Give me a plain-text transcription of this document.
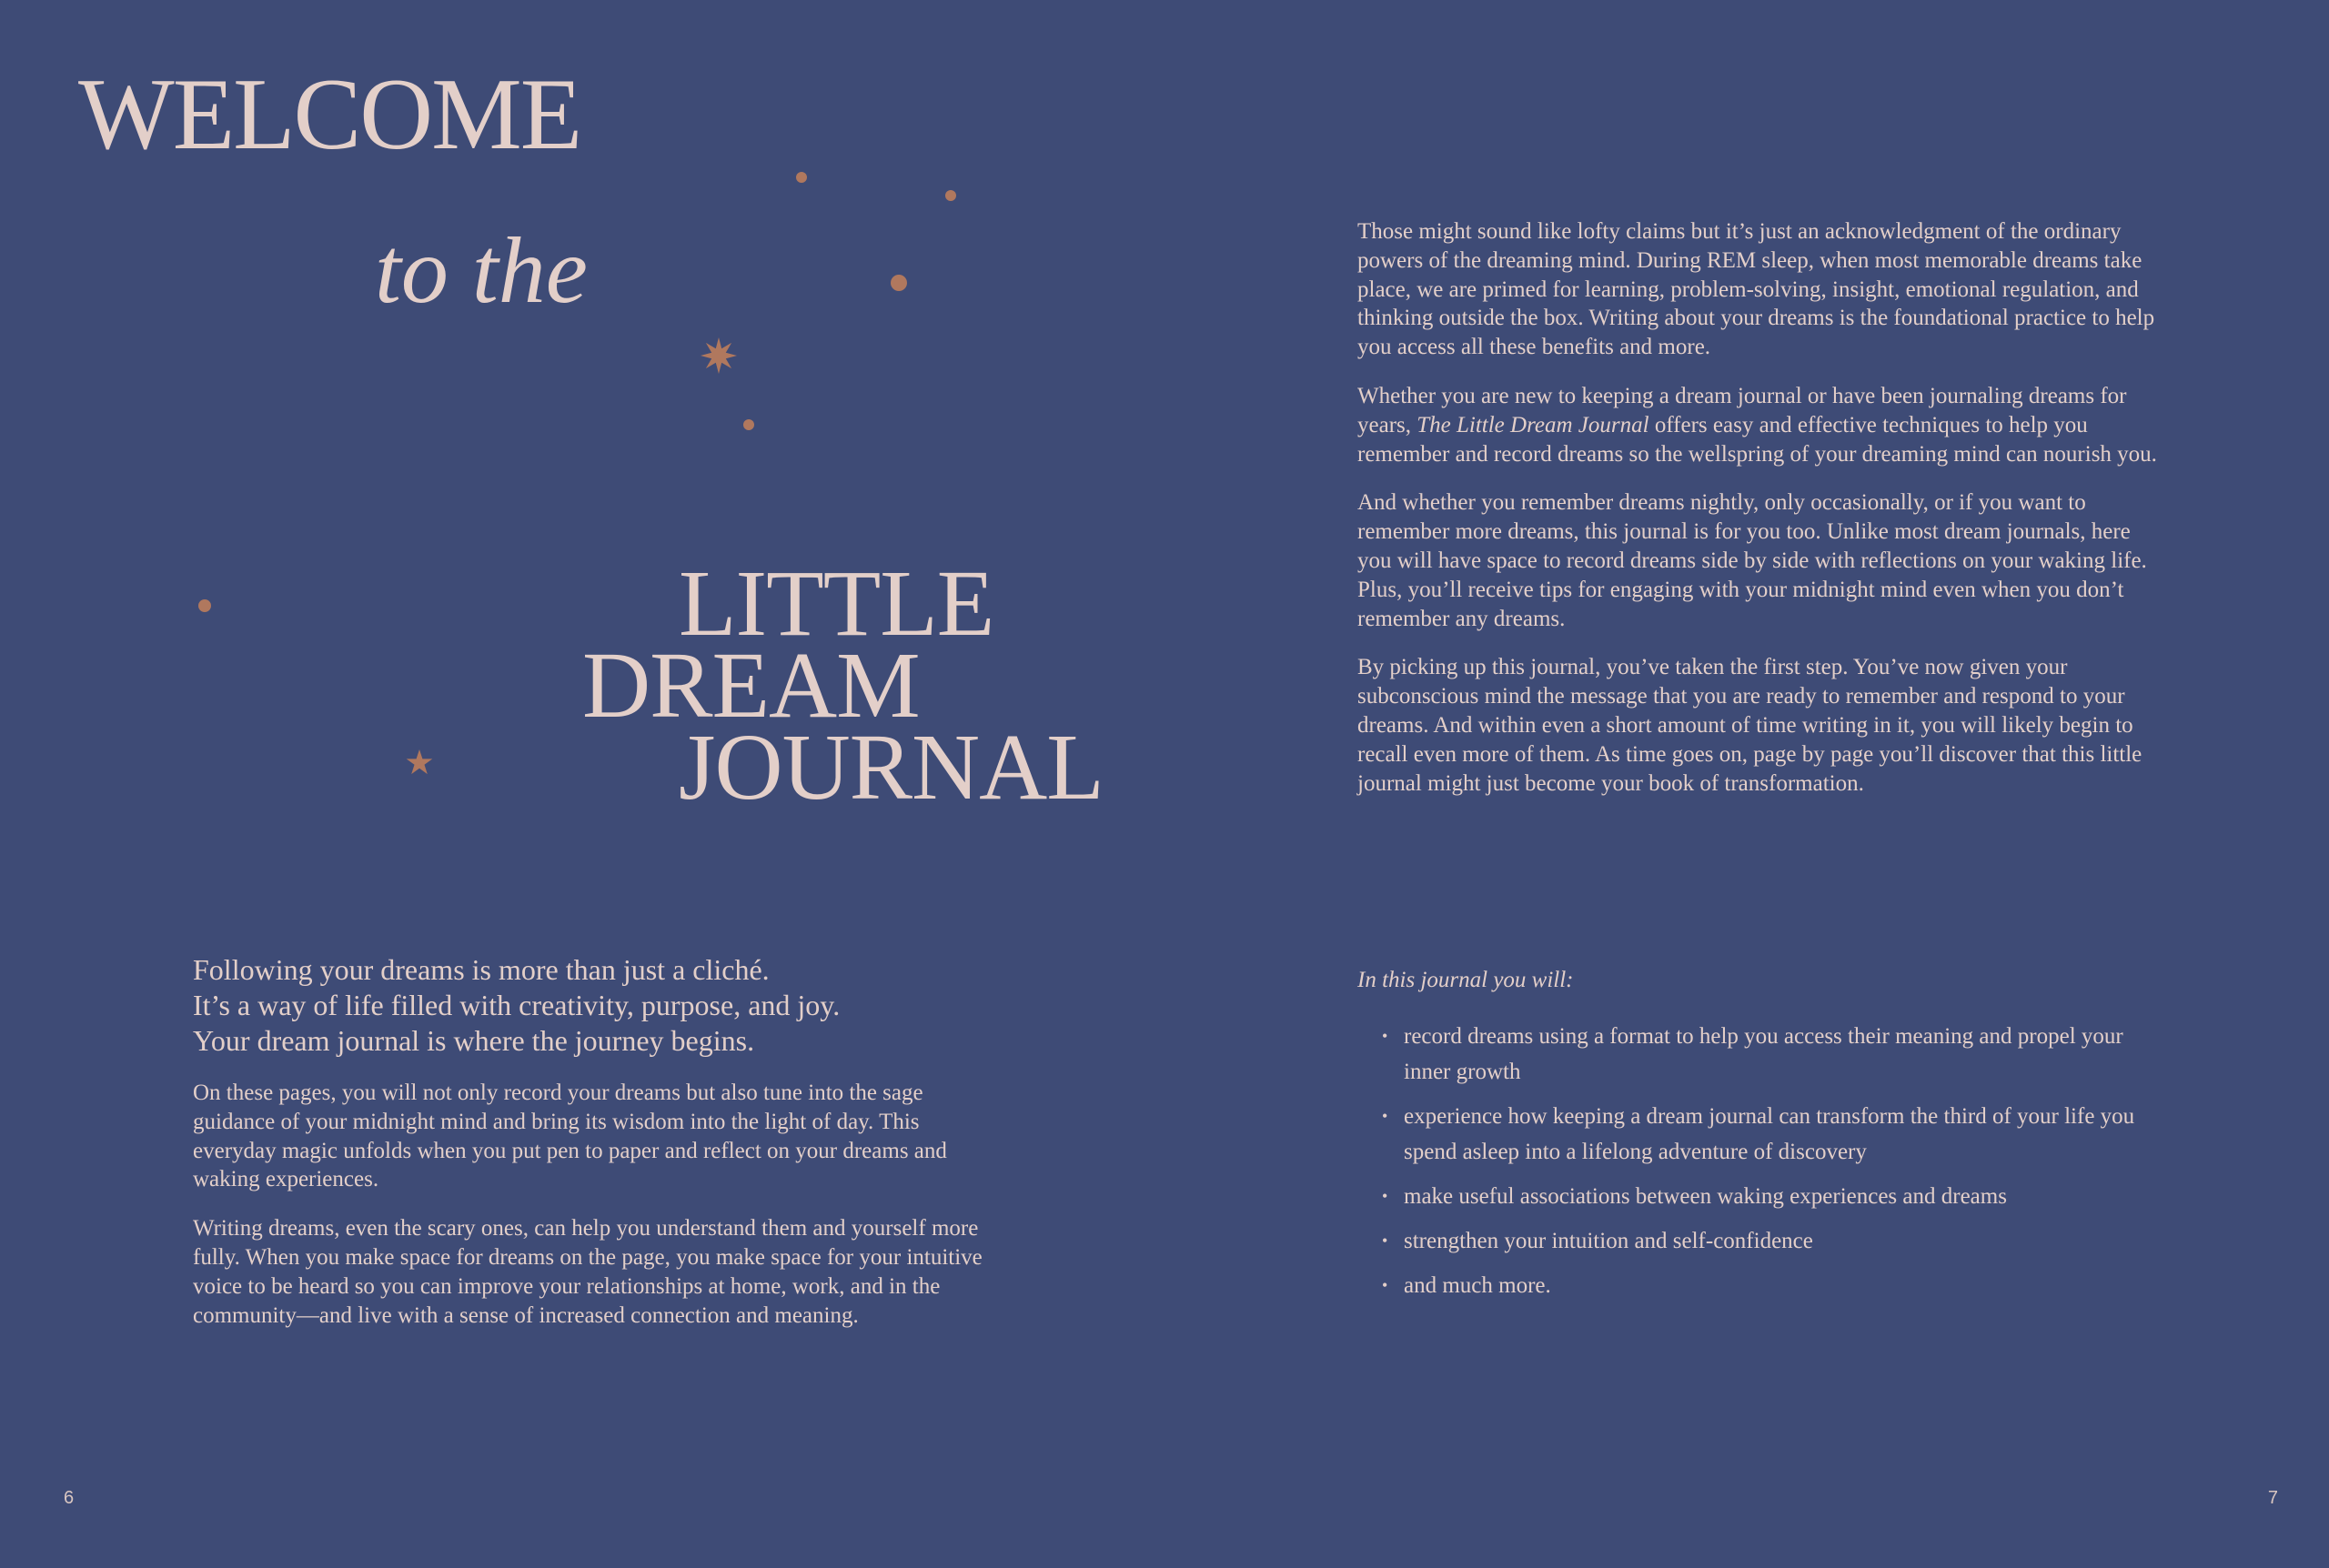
WELCOME
to the
LITTLE
DREAM
JOURNAL

Following your dreams is more than just a cliché.
It’s a way of life filled with creativity, purpose, and joy.
Your dream journal is where the journey begins.

On these pages, you will not only record your dreams but also tune into the sage guidance of your midnight mind and bring its wisdom into the light of day. This everyday magic unfolds when you put pen to paper and reflect on your dreams and waking experiences.

Writing dreams, even the scary ones, can help you understand them and yourself more fully. When you make space for dreams on the page, you make space for your intuitive voice to be heard so you can improve your relationships at home, work, and in the community—and live with a sense of increased connection and meaning.

6

Those might sound like lofty claims but it’s just an acknowledgment of the ordinary powers of the dreaming mind. During REM sleep, when most memorable dreams take place, we are primed for learning, problem-solving, insight, emotional regulation, and thinking outside the box. Writing about your dreams is the foundational practice to help you access all these benefits and more.

Whether you are new to keeping a dream journal or have been journaling dreams for years, The Little Dream Journal offers easy and effective techniques to help you remember and record dreams so the wellspring of your dreaming mind can nourish you.

And whether you remember dreams nightly, only occasionally, or if you want to remember more dreams, this journal is for you too. Unlike most dream journals, here you will have space to record dreams side by side with reflections on your waking life. Plus, you’ll receive tips for engaging with your midnight mind even when you don’t remember any dreams.

By picking up this journal, you’ve taken the first step. You’ve now given your subconscious mind the message that you are ready to remember and respond to your dreams. And within even a short amount of time writing in it, you will likely begin to recall even more of them. As time goes on, page by page you’ll discover that this little journal might just become your book of transformation.

In this journal you will:

• record dreams using a format to help you access their meaning and propel your inner growth
• experience how keeping a dream journal can transform the third of your life you spend asleep into a lifelong adventure of discovery
• make useful associations between waking experiences and dreams
• strengthen your intuition and self-confidence
• and much more.
7
